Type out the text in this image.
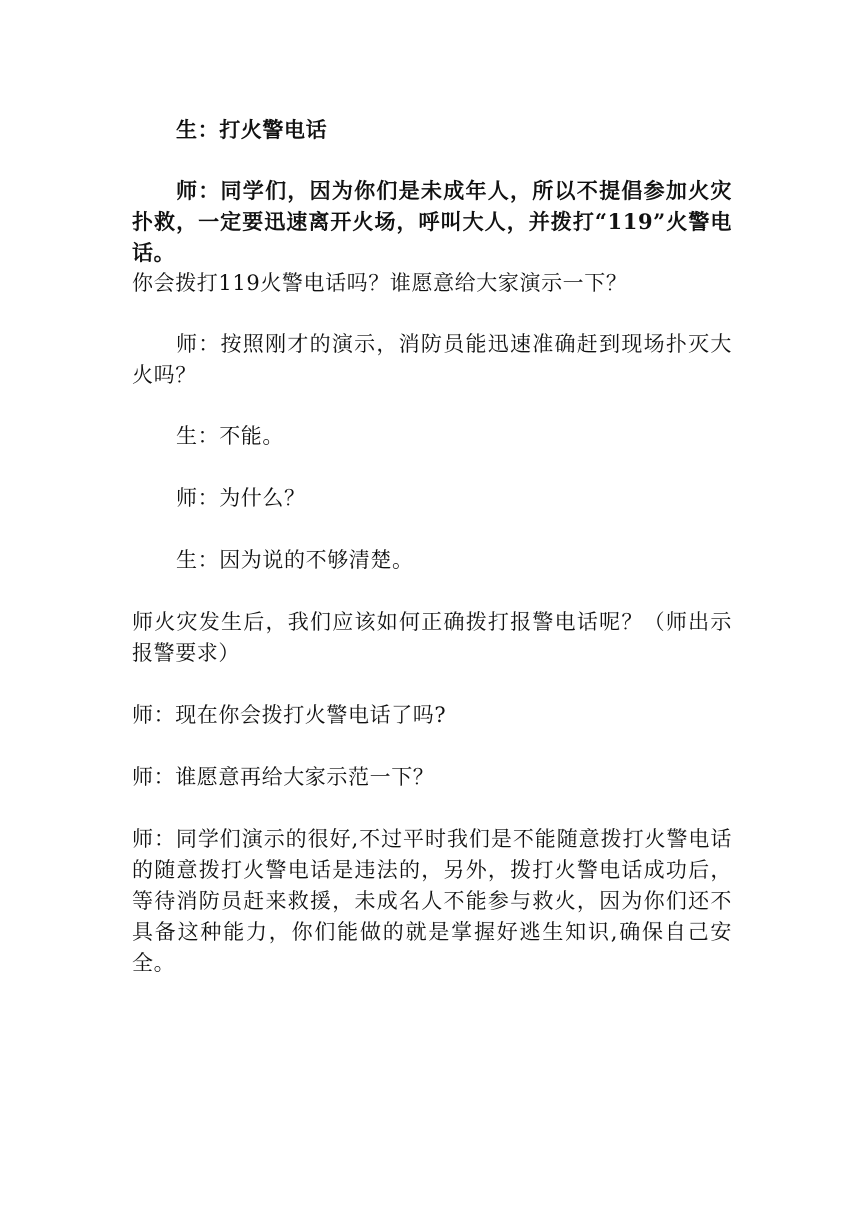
生：打火警电话

师：同学们，因为你们是未成年人，所以不提倡参加火灾扑救，一定要迅速离开火场，呼叫大人，并拨打“119”火警电话。

你会拨打119火警电话吗？谁愿意给大家演示一下？

师：按照刚才的演示，消防员能迅速准确赶到现场扑灭大火吗？

生：不能。

师：为什么？

生：因为说的不够清楚。

师火灾发生后，我们应该如何正确拨打报警电话呢？（师出示报警要求）

师：现在你会拨打火警电话了吗?

师：谁愿意再给大家示范一下？

师：同学们演示的很好,不过平时我们是不能随意拨打火警电话的随意拨打火警电话是违法的，另外，拨打火警电话成功后，等待消防员赶来救援，未成名人不能参与救火，因为你们还不具备这种能力，你们能做的就是掌握好逃生知识,确保自己安全。
